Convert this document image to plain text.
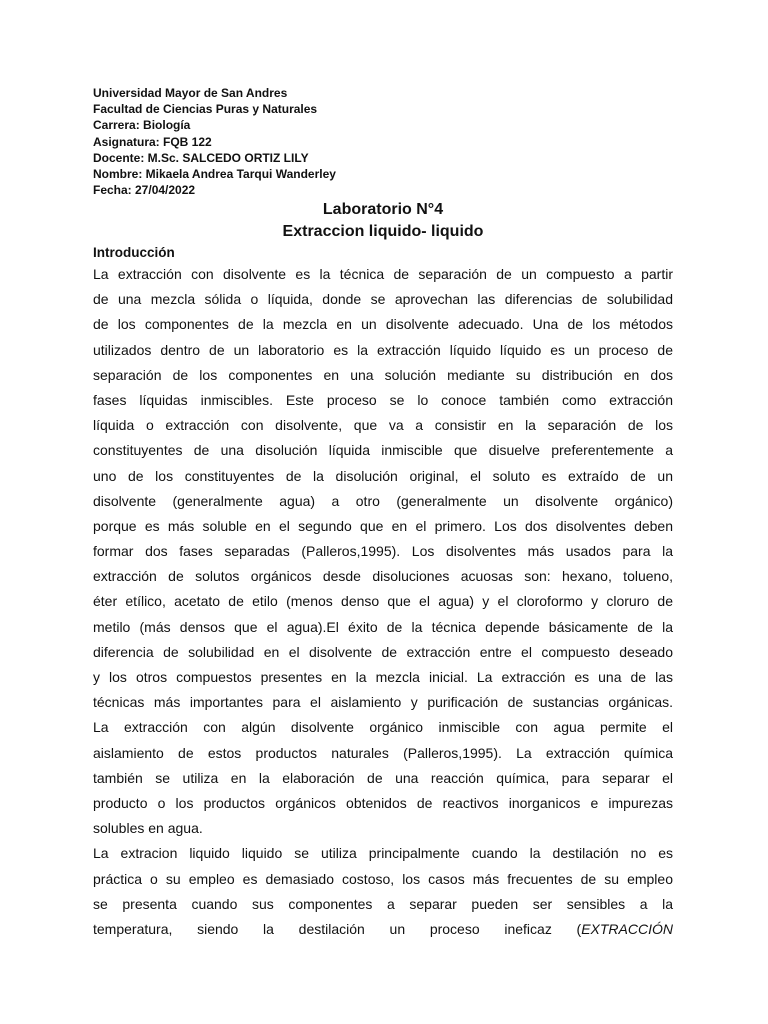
Universidad Mayor de San Andres
Facultad de Ciencias Puras y Naturales
Carrera: Biología
Asignatura: FQB 122
Docente: M.Sc. SALCEDO ORTIZ LILY
Nombre: Mikaela Andrea Tarqui Wanderley
Fecha: 27/04/2022
Laboratorio N°4
Extraccion liquido- liquido
Introducción
La extracción con disolvente es la técnica de separación de un compuesto a partir
de una mezcla sólida o líquida, donde se aprovechan las diferencias de solubilidad
de los componentes de la mezcla en un disolvente adecuado. Una de los métodos
utilizados dentro de un laboratorio es la extracción líquido líquido es un proceso de
separación de los componentes en una solución mediante su distribución en dos
fases líquidas inmiscibles. Este proceso se lo conoce también como extracción
líquida o extracción con disolvente, que va a consistir en la separación de los
constituyentes de una disolución líquida inmiscible que disuelve preferentemente a
uno de los constituyentes de la disolución original, el soluto es extraído de un
disolvente (generalmente agua) a otro (generalmente un disolvente orgánico)
porque es más soluble en el segundo que en el primero. Los dos disolventes deben
formar dos fases separadas (Palleros,1995). Los disolventes más usados para la
extracción de solutos orgánicos desde disoluciones acuosas son: hexano, tolueno,
éter etílico, acetato de etilo (menos denso que el agua) y el cloroformo y cloruro de
metilo (más densos que el agua).El éxito de la técnica depende básicamente de la
diferencia de solubilidad en el disolvente de extracción entre el compuesto deseado
y los otros compuestos presentes en la mezcla inicial. La extracción es una de las
técnicas más importantes para el aislamiento y purificación de sustancias orgánicas.
La extracción con algún disolvente orgánico inmiscible con agua permite el
aislamiento de estos productos naturales (Palleros,1995). La extracción química
también se utiliza en la elaboración de una reacción química, para separar el
producto o los productos orgánicos obtenidos de reactivos inorganicos e impurezas
solubles en agua.
La extracion liquido liquido se utiliza principalmente cuando la destilación no es
práctica o su empleo es demasiado costoso, los casos más frecuentes de su empleo
se presenta cuando sus componentes a separar pueden ser sensibles a la
temperatura, siendo la destilación un proceso ineficaz (EXTRACCIÓN
